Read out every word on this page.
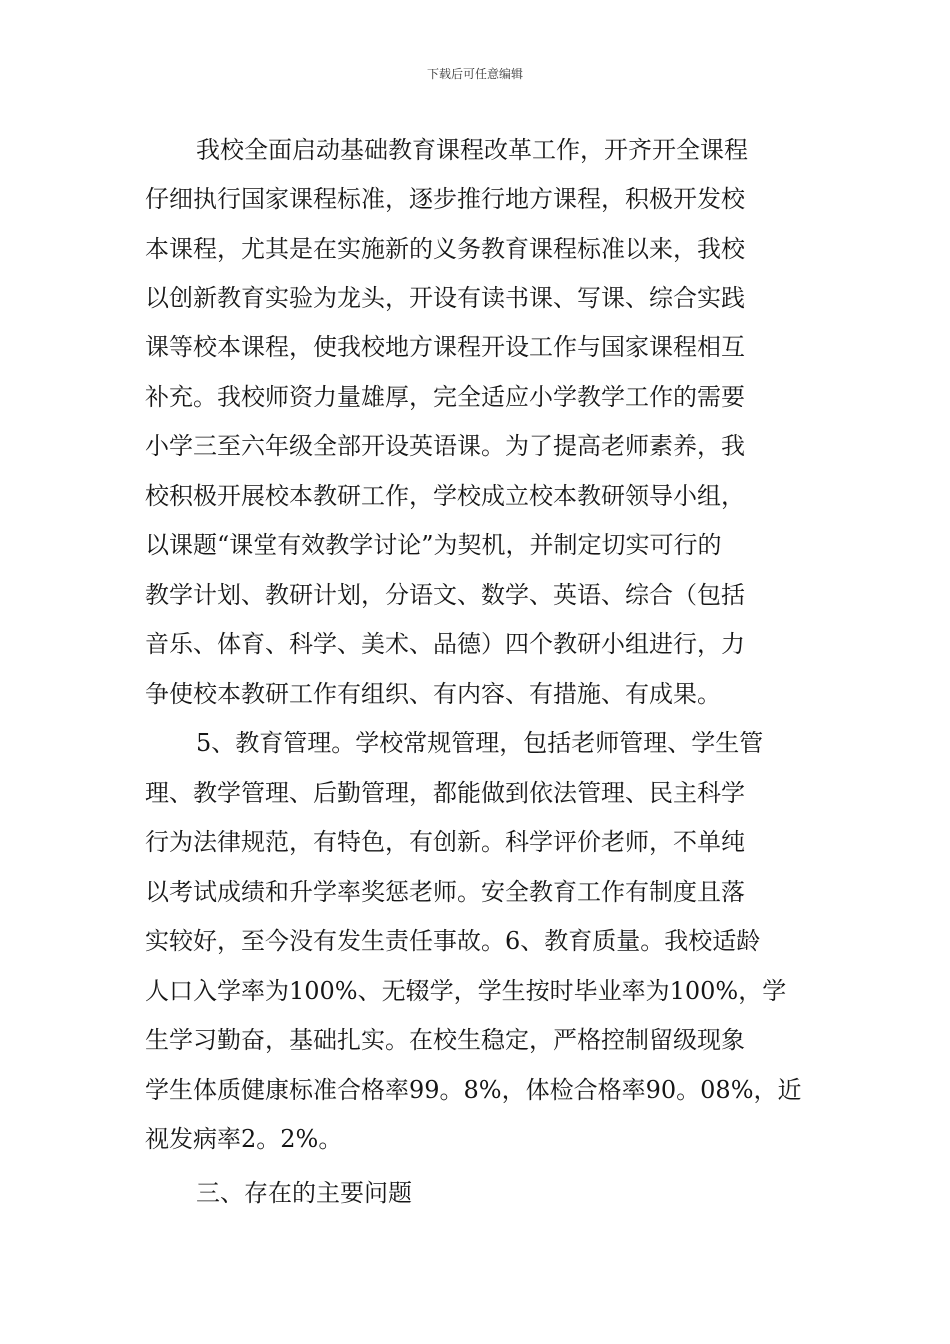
下载后可任意编辑
我校全面启动基础教育课程改革工作，开齐开全课程
仔细执行国家课程标准，逐步推行地方课程，积极开发校
本课程，尤其是在实施新的义务教育课程标准以来，我校
以创新教育实验为龙头，开设有读书课、写课、综合实践
课等校本课程，使我校地方课程开设工作与国家课程相互
补充。我校师资力量雄厚，完全适应小学教学工作的需要
小学三至六年级全部开设英语课。为了提高老师素养，我
校积极开展校本教研工作，学校成立校本教研领导小组，
以课题“课堂有效教学讨论”为契机，并制定切实可行的
教学计划、教研计划，分语文、数学、英语、综合（包括
音乐、体育、科学、美术、品德）四个教研小组进行，力
争使校本教研工作有组织、有内容、有措施、有成果。
5、教育管理。学校常规管理，包括老师管理、学生管
理、教学管理、后勤管理，都能做到依法管理、民主科学
行为法律规范，有特色，有创新。科学评价老师，不单纯
以考试成绩和升学率奖惩老师。安全教育工作有制度且落
实较好，至今没有发生责任事故。6、教育质量。我校适龄
人口入学率为100%、无辍学，学生按时毕业率为100%，学
生学习勤奋，基础扎实。在校生稳定，严格控制留级现象
学生体质健康标准合格率99。8%，体检合格率90。08%，近
视发病率2。2%。
三、存在的主要问题
